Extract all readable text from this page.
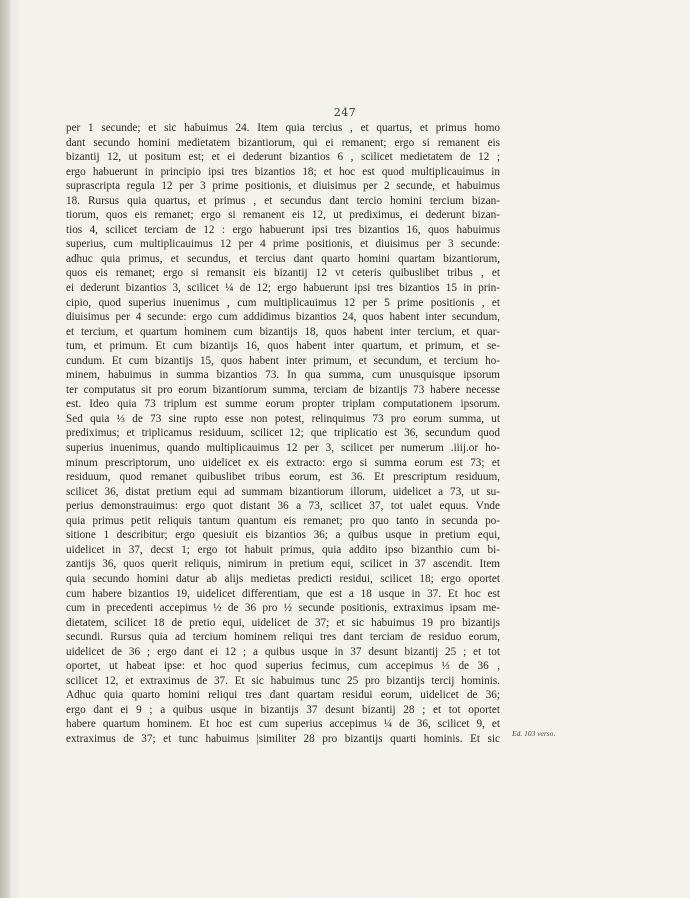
247
per 1 secunde; et sic habuimus 24. Item quia tercius , et quartus, et primus homo
dant secundo homini medietatem bizantiorum, qui ei remanent; ergo si remanent eis
bizantij 12, ut positum est; et ei dederunt bizantios 6 , scilicet medietatem de 12 ;
ergo habuerunt in principio ipsi tres bizantios 18; et hoc est quod multiplicauimus in
suprascripta regula 12 per 3 prime positionis, et diuisimus per 2 secunde, et habuimus
18. Rursus quia quartus, et primus , et secundus dant tercio homini tercium bizan-
tiorum, quos eis remanet; ergo si remanent eis 12, ut prediximus, ei dederunt bizan-
tios 4, scilicet terciam de 12 : ergo habuerunt ipsi tres bizantios 16, quos habuimus
superius, cum multiplicauimus 12 per 4 prime positionis, et diuisimus per 3 secunde:
adhuc quia primus, et secundus, et tercius dant quarto homini quartam bizantiorum,
quos eis remanet; ergo si remansit eis bizantij 12 vt ceteris quibuslibet tribus , et
ei dederunt bizantios 3, scilicet ¼ de 12; ergo habuerunt ipsi tres bizantios 15 in prin-
cipio, quod superius inuenimus , cum multiplicauimus 12 per 5 prime positionis , et
diuisimus per 4 secunde: ergo cum addidimus bizantios 24, quos habent inter secundum,
et tercium, et quartum hominem cum bizantijs 18, quos habent inter tercium, et quar-
tum, et primum. Et cum bizantijs 16, quos habent inter quartum, et primum, et se-
cundum. Et cum bizantijs 15, quos habent inter primum, et secundum, et tercium ho-
minem, habuimus in summa bizantios 73. In qua summa, cum unusquisque ipsorum
ter computatus sit pro eorum bizantiorum summa, terciam de bizantijs 73 habere necesse
est. Ideo quia 73 triplum est summe eorum propter triplam computationem ipsorum.
Sed quia ⅓ de 73 sine rupto esse non potest, relinquimus 73 pro eorum summa, ut
prediximus; et triplicamus residuum, scilicet 12; que triplicatio est 36, secundum quod
superius inuenimus, quando multiplicauimus 12 per 3, scilicet per numerum .iiij.or ho-
minum prescriptorum, uno uidelicet ex eis extracto: ergo si summa eorum est 73; et
residuum, quod remanet quibuslibet tribus eorum, est 36. Et prescriptum residuum,
scilicet 36, distat pretium equi ad summam bizantiorum illorum, uidelicet a 73, ut su-
perius demonstrauimus: ergo quot distant 36 a 73, scilicet 37, tot ualet equus. Vnde
quia primus petit reliquis tantum quantum eis remanet; pro quo tanto in secunda po-
sitione 1 describitur; ergo quesiuit eis bizantios 36; a quibus usque in pretium equi,
uidelicet in 37, decst 1; ergo tot habuit primus, quia addito ipso bizanthio cum bi-
zantijs 36, quos querit reliquis, nimirum in pretium equi, scilicet in 37 ascendit. Item
quia secundo homini datur ab alijs medietas predicti residui, scilicet 18; ergo oportet
cum habere bizantios 19, uidelicet differentiam, que est a 18 usque in 37. Et hoc est
cum in precedenti accepimus ½ de 36 pro ½ secunde positionis, extraximus ipsam me-
dietatem, scilicet 18 de pretio equi, uidelicet de 37; et sic habuimus 19 pro bizantijs
secundi. Rursus quia ad tercium hominem reliqui tres dant terciam de residuo eorum,
uidelicet de 36 ; ergo dant ei 12 ; a quibus usque in 37 desunt bizantij 25 ; et tot
oportet, ut habeat ipse: et hoc quod superius fecimus, cum accepimus ⅓ de 36 ,
scilicet 12, et extraximus de 37. Et sic habuimus tunc 25 pro bizantijs tercij hominis.
Adhuc quia quarto homini reliqui tres dant quartam residui eorum, uidelicet de 36;
ergo dant ei 9 ; a quibus usque in bizantijs 37 desunt bizantij 28 ; et tot oportet
habere quartum hominem. Et hoc est cum superius accepimus ¼ de 36, scilicet 9, et
extraximus de 37; et tunc habuimus |similiter 28 pro bizantijs quarti hominis. Et sic Ed. 103 verso.
